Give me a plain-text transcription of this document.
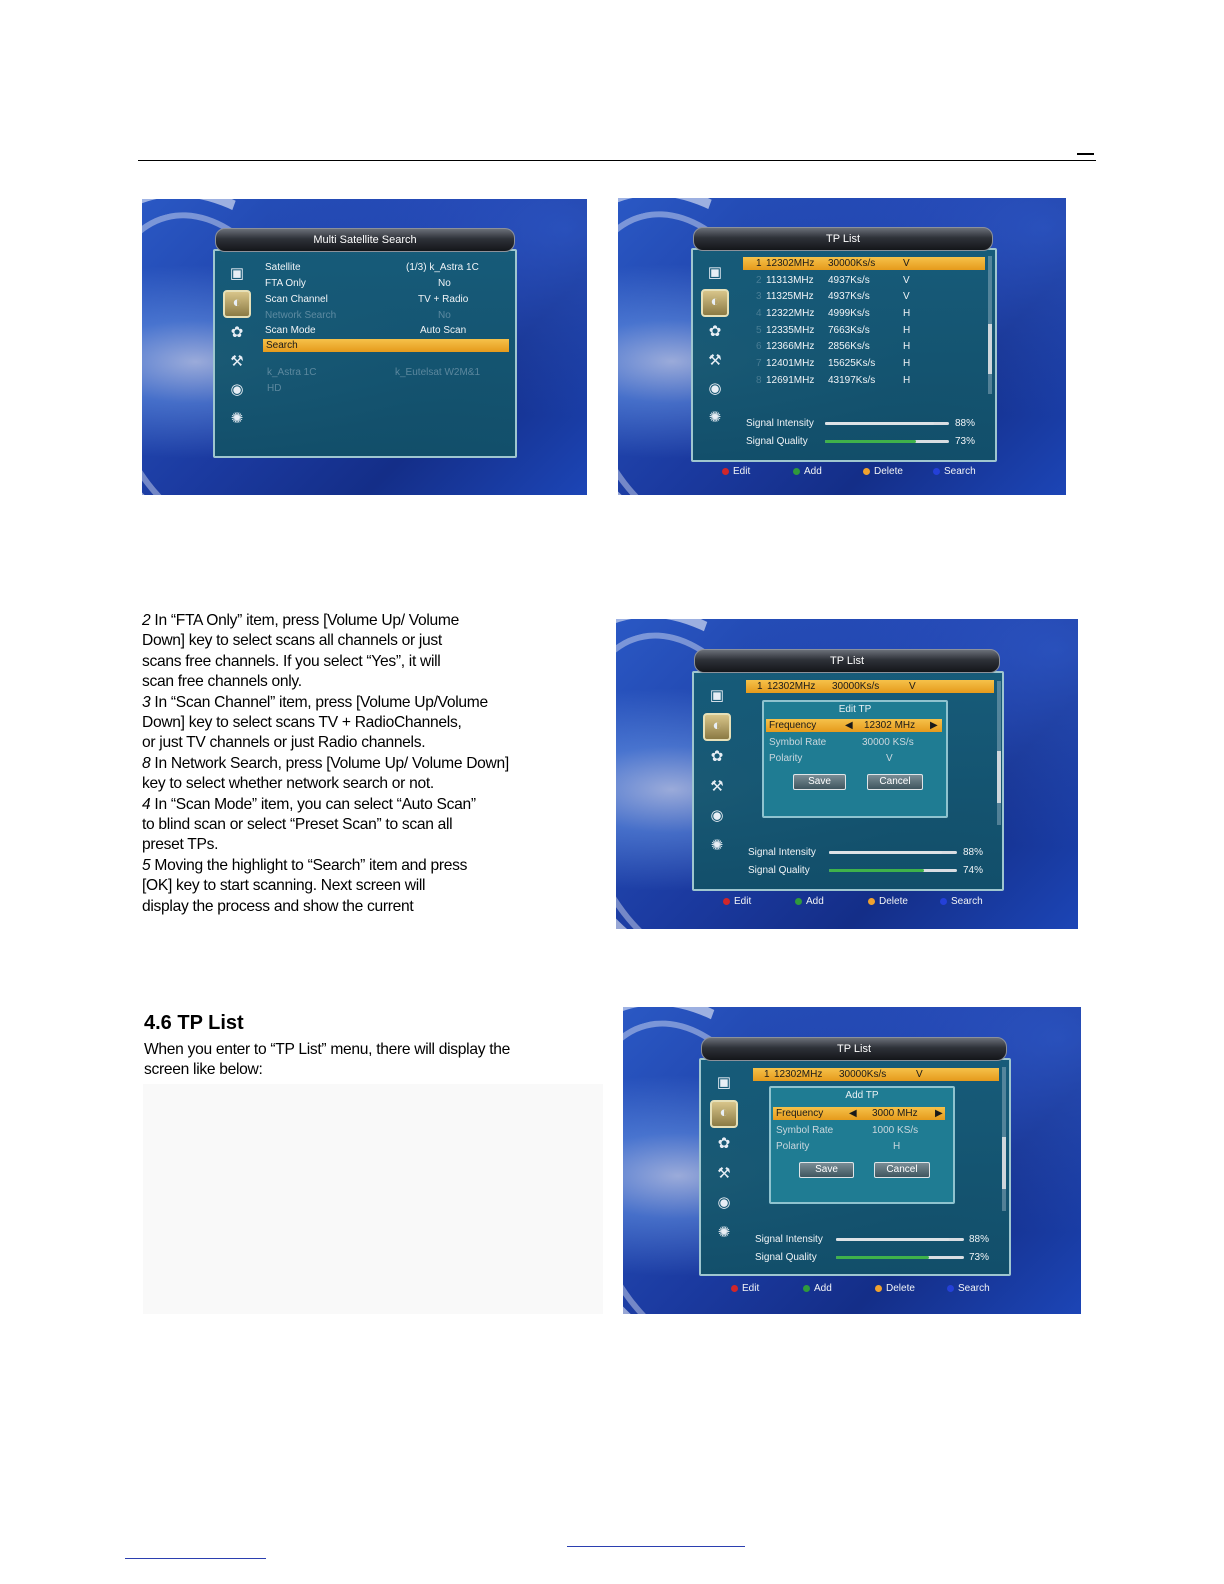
Multi Satellite Search
▣
◐
✿
⚒
◉
✺
Satellite	(1/3) k_Astra 1C
FTA Only	No
Scan Channel	TV + Radio
Network Search	No
Scan Mode	Auto Scan
Search
k_Astra 1C	k_Eutelsat W2M&1
HD
TP List
▣
◐
✿
⚒
◉
✺	Signal Intensity	88%
Signal Quality	73%
Edit	Add	Delete	Search
1 12302MHz 30000Ks/s	V
2 11313MHz 4937Ks/s	V
3 11325MHz 4937Ks/s	V
4 12322MHz 4999Ks/s	H
5 12335MHz 7663Ks/s	H
6 12366MHz 2856Ks/s	H
7 12401MHz 15625Ks/s	H
8 12691MHz 43197Ks/s	H

2 In “FTA Only” item, press [Volume Up/ Volume

Down] key to select scans all channels or just

scans free channels. If you select “Yes”, it will

scan free channels only.

3 In “Scan Channel” item, press [Volume Up/Volume

Down] key to select scans TV + RadioChannels,

or just TV channels or just Radio channels.

8 In Network Search, press [Volume Up/ Volume Down]

key to select whether network search or not.

4 In “Scan Mode” item, you can select “Auto Scan”

to blind scan or select “Preset Scan” to scan all

preset TPs.

5 Moving the highlight to “Search” item and press

[OK] key to start scanning. Next screen will

display the process and show the current

TP List
▣
◐
✿
⚒
◉
✺
1 12302MHz 30000Ks/s	V
Edit TP
Frequency	◀ 12302 MHz ▶
Symbol Rate	30000 KS/s
Polarity	V
Save	Cancel
Signal Intensity	88%
Signal Quality	74%
Edit	Add	Delete	Search
4.6 TP List

When you enter to “TP List” menu, there will display the

screen like below:

TP List
▣
◐
✿
⚒
◉
✺
1 12302MHz 30000Ks/s	V
Add TP
Frequency	◀ 3000 MHz ▶
Symbol Rate	1000 KS/s
Polarity	H
Save	Cancel
Signal Intensity	88%
Signal Quality	73%
Edit	Add	Delete	Search
